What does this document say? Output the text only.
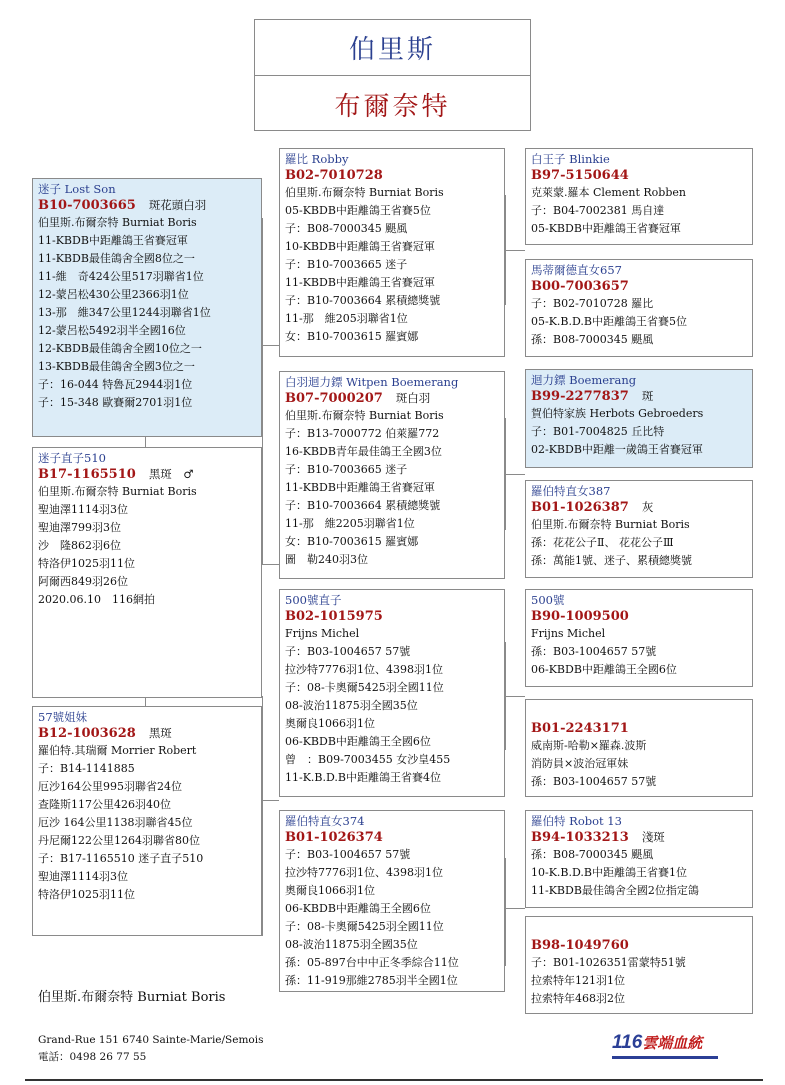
伯里斯
布爾奈特
迷子 Lost Son
B10-7003665　 斑花頭白羽
伯里斯.布爾奈特 Burniat Boris
11-KBDB中距離鴿王省賽冠軍
11-KBDB最佳鴿舍全國8位之一
11-維　奇424公里517羽聯省1位
12-蒙呂松430公里2366羽1位
13-那　維347公里1244羽聯省1位
12-蒙呂松5492羽半全國16位
12-KBDB最佳鴿舍全國10位之一
13-KBDB最佳鴿舍全國3位之一
子：16-044 特魯瓦2944羽1位
子：15-348 歐賽爾2701羽1位
迷子直子510
B17-1165510　 黑斑　♂
伯里斯.布爾奈特 Burniat Boris
聖迪澤1114羽3位
聖迪澤799羽3位
沙　隆862羽6位
特洛伊1025羽11位
阿爾西849羽26位
2020.06.10　116網拍
57號姐妹
B12-1003628　 黑斑
羅伯特.其瑞爾 Morrier Robert
子：B14-1141885
厄沙164公里995羽聯省24位
查隆斯117公里426羽40位
厄沙 164公里1138羽聯省45位
丹尼爾122公里1264羽聯省80位
子：B17-1165510 迷子直子510
聖迪澤1114羽3位
特洛伊1025羽11位
羅比 Robby
B02-7010728
伯里斯.布爾奈特 Burniat Boris
05-KBDB中距離鴿王省賽5位
子：B08-7000345 颶風
10-KBDB中距離鴿王省賽冠軍
子：B10-7003665 迷子
11-KBDB中距離鴿王省賽冠軍
子：B10-7003664 累積總獎號
11-那　維205羽聯省1位
女：B10-7003615 羅賓娜
白羽迴力鏢 Witpen Boemerang
B07-7000207　 斑白羽
伯里斯.布爾奈特 Burniat Boris
子：B13-7000772 伯萊羅772
16-KBDB青年最佳鴿王全國3位
子：B10-7003665 迷子
11-KBDB中距離鴿王省賽冠軍
子：B10-7003664 累積總獎號
11-那　維2205羽聯省1位
女：B10-7003615 羅賓娜
圖　勒240羽3位
500號直子
B02-1015975
Frijns Michel
子：B03-1004657 57號
拉沙特7776羽1位、4398羽1位
子：08-卡奧爾5425羽全國11位
08-波治11875羽全國35位
奧爾良1066羽1位
06-KBDB中距離鴿王全國6位
曾　：B09-7003455 女沙皇455
11-K.B.D.B中距離鴿王省賽4位
羅伯特直女374
B01-1026374
子：B03-1004657 57號
拉沙特7776羽1位、4398羽1位
奧爾良1066羽1位
06-KBDB中距離鴿王全國6位
子：08-卡奧爾5425羽全國11位
08-波治11875羽全國35位
孫：05-897台中中正冬季綜合11位
孫：11-919那維2785羽半全國1位
白王子 Blinkie
B97-5150644
克萊蒙.羅本 Clement Robben
子：B04-7002381 馬自達
05-KBDB中距離鴿王省賽冠軍
馬蒂爾德直女657
B00-7003657
子：B02-7010728 羅比
05-K.B.D.B中距離鴿王省賽5位
孫：B08-7000345 颶風
迴力鏢 Boemerang
B99-2277837　 斑
賀伯特家族 Herbots Gebroeders
子：B01-7004825 丘比特
02-KBDB中距離一歲鴿王省賽冠軍
羅伯特直女387
B01-1026387　 灰
伯里斯.布爾奈特 Burniat Boris
孫：花花公子Ⅱ、 花花公子Ⅲ
孫：萬能1號、迷子、累積總獎號
500號
B90-1009500
Frijns Michel
孫：B03-1004657 57號
06-KBDB中距離鴿王全國6位
B01-2243171
威南斯-哈勒×羅森.波斯
消防員×波治冠軍妹
孫：B03-1004657 57號
羅伯特 Robot 13
B94-1033213　 淺斑
孫：B08-7000345 颶風
10-K.B.D.B中距離鴿王省賽1位
11-KBDB最佳鴿舍全國2位指定鴿
B98-1049760
子：B01-1026351雷蒙特51號
拉索特年121羽1位
拉索特年468羽2位
伯里斯.布爾奈特 Burniat Boris
Grand-Rue 151 6740 Sainte-Marie/Semois
電話：0498 26 77 55
116雲端血統
